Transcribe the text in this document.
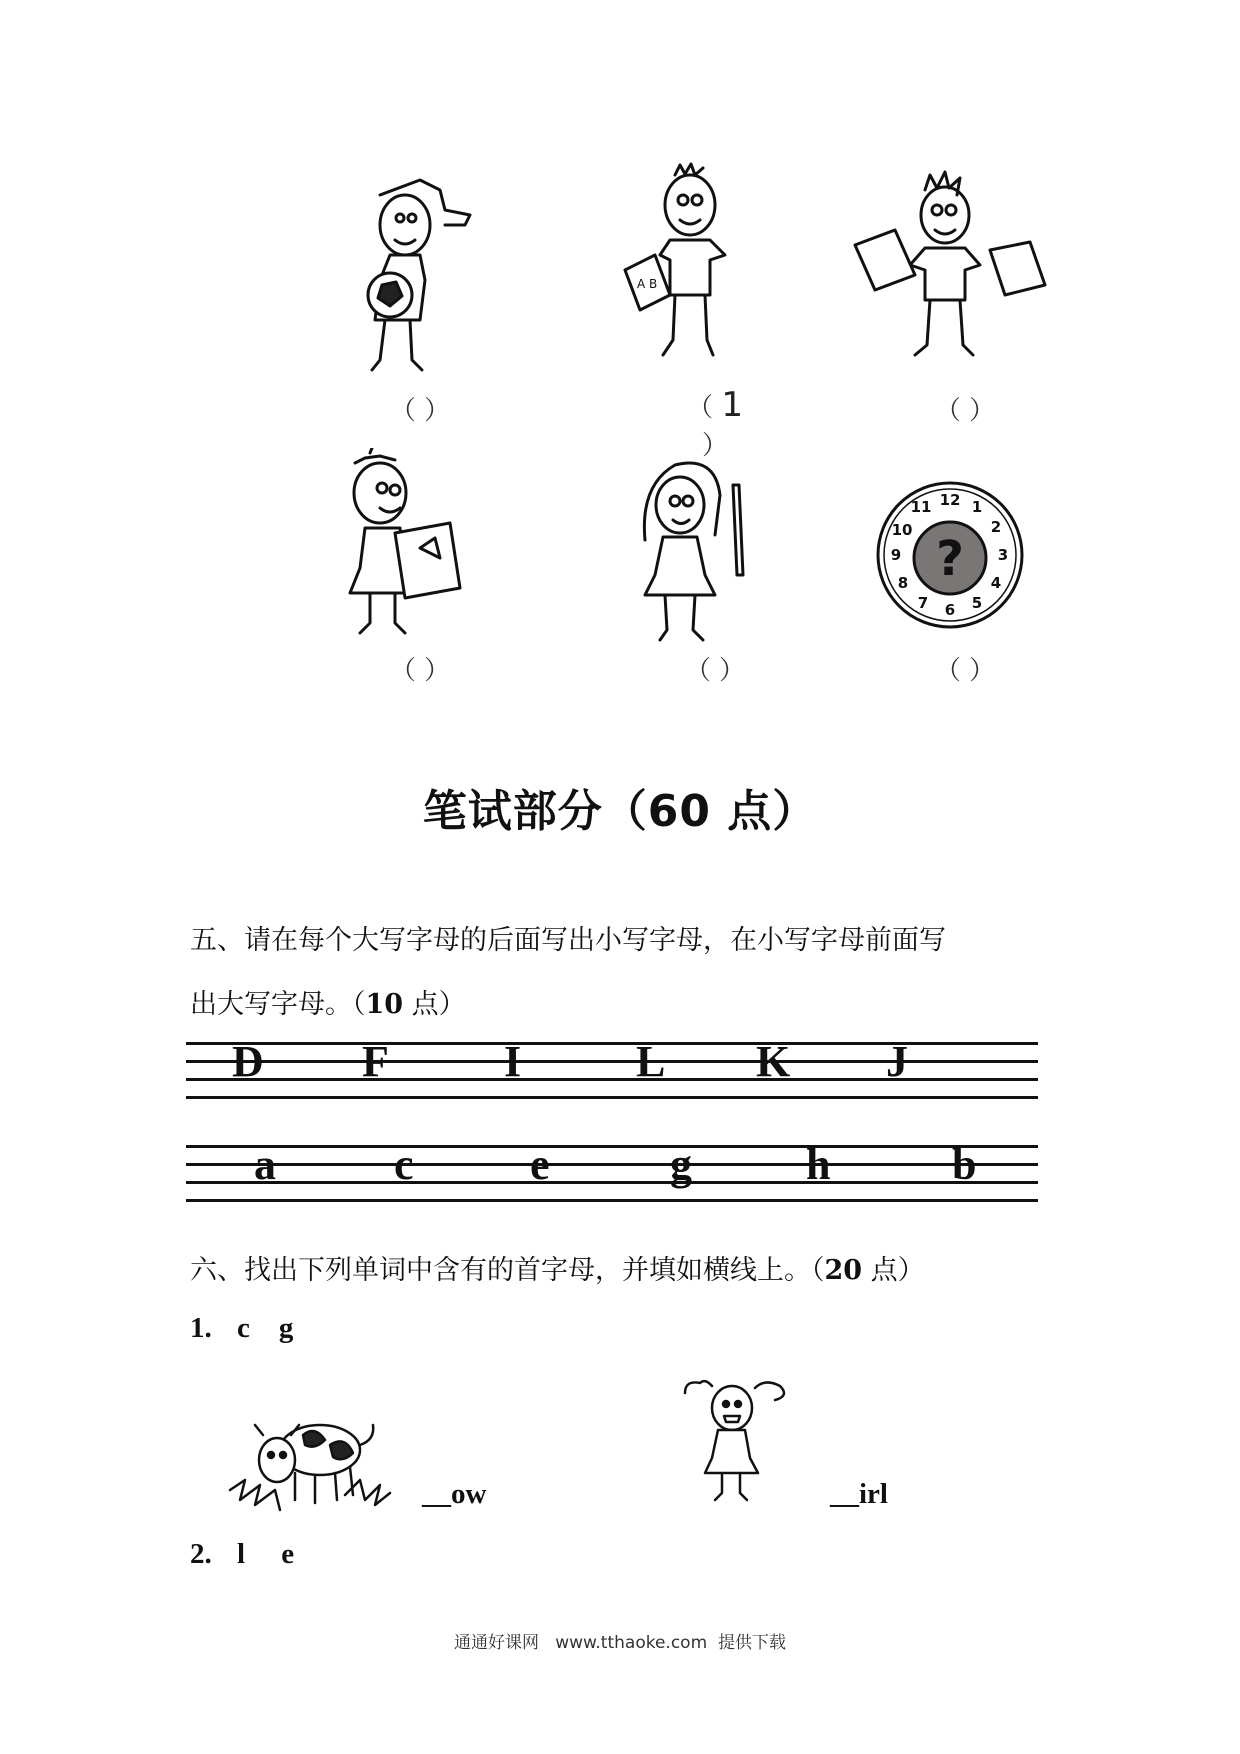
（ ）
A B
（ 1 ）
（ ）
（ ）	（ ）
12 1
2
3
4
5
6
7
8
9
10
11
?
（ ）
笔试部分（60 点）
五、请在每个大写字母的后面写出小写字母，在小写字母前面写
出大写字母。（10 点）
D F	I	L K J
a	c	e	g	h	b
六、找出下列单词中含有的首字母，并填如横线上。（20 点）
1. c    g
__ow	__irl
2. l     e
通通好课网   www.tthaoke.com  提供下载
